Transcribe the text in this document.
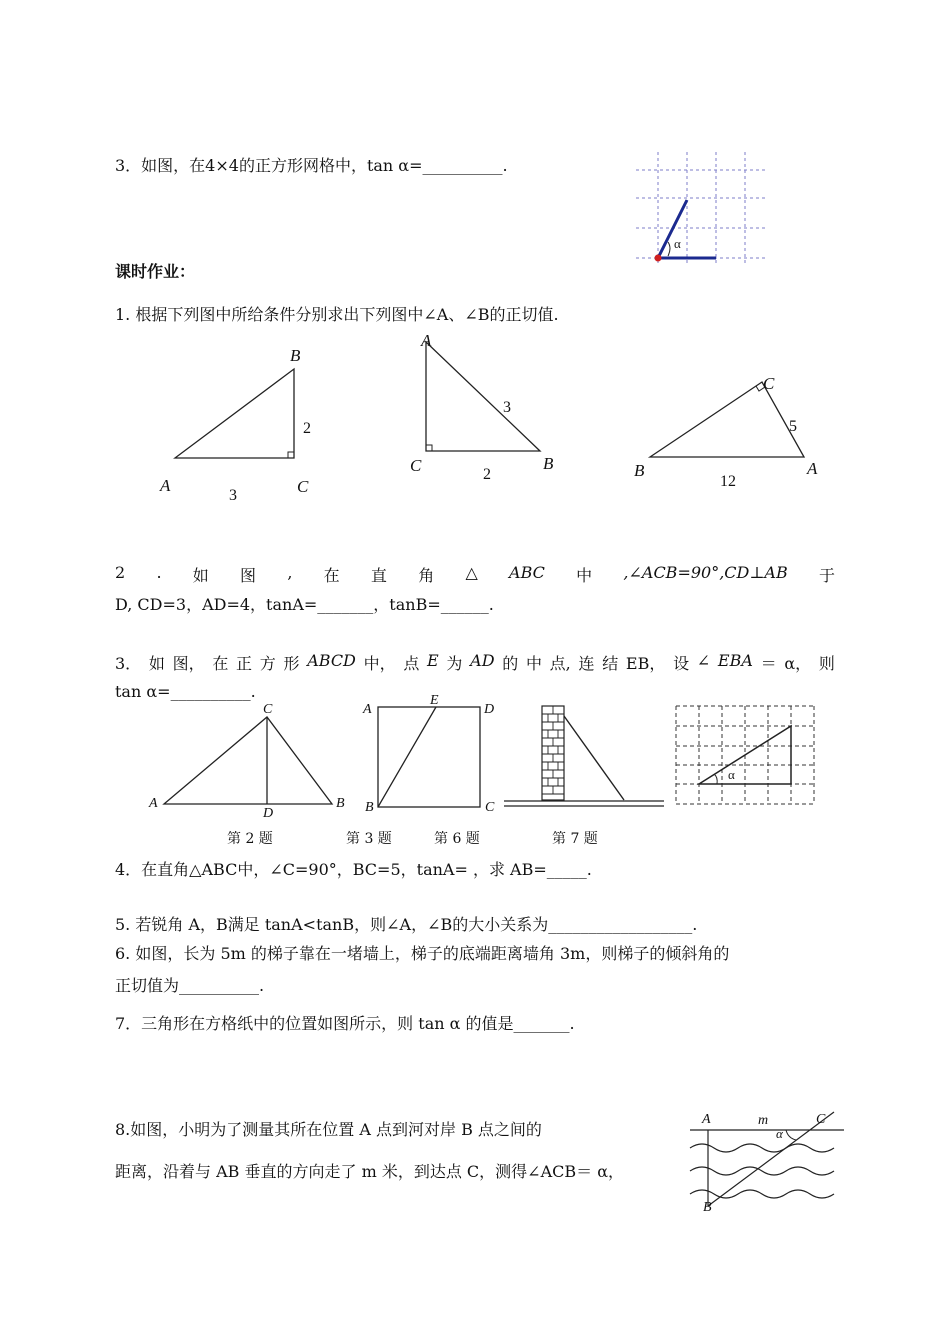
3．如图，在4×4的正方形网格中，tan α=__________.
α
课时作业：
1. 根据下列图中所给条件分别求出下列图中∠A、∠B的正切值.
B
2
A	C
3
A
3
C	B
2
C
5
B	A
12
2 . 如 图 , 在 直 角 △ ABC 中 ,∠ACB=90°,CD⊥AB 于
D, CD=3，AD=4，tanA=_______，tanB=______.
3． 如 图， 在 正 方 形 ABCD 中， 点 E 为 AD 的 中 点, 连 结 EB， 设 ∠ EBA ＝ α， 则
tan α=__________.
C
A	B
D
第 2 题
A
E
D
B	C
第 3 题	第 6 题
α
第 7 题
4．在直角△ABC中，∠C=90°，BC=5，tanA= ，求 AB=_____.
5. 若锐角 A，B满足 tanA<tanB，则∠A，∠B的大小关系为__________________.
6. 如图，长为 5m 的梯子靠在一堵墙上，梯子的底端距离墙角 3m，则梯子的倾斜角的
正切值为__________.
7．三角形在方格纸中的位置如图所示，则 tan α 的值是_______.
8.如图，小明为了测量其所在位置 A 点到河对岸 B 点之间的
距离，沿着与 AB 垂直的方向走了 m 米，到达点 C，测得∠ACB＝ α，
A	m	C
α
B
